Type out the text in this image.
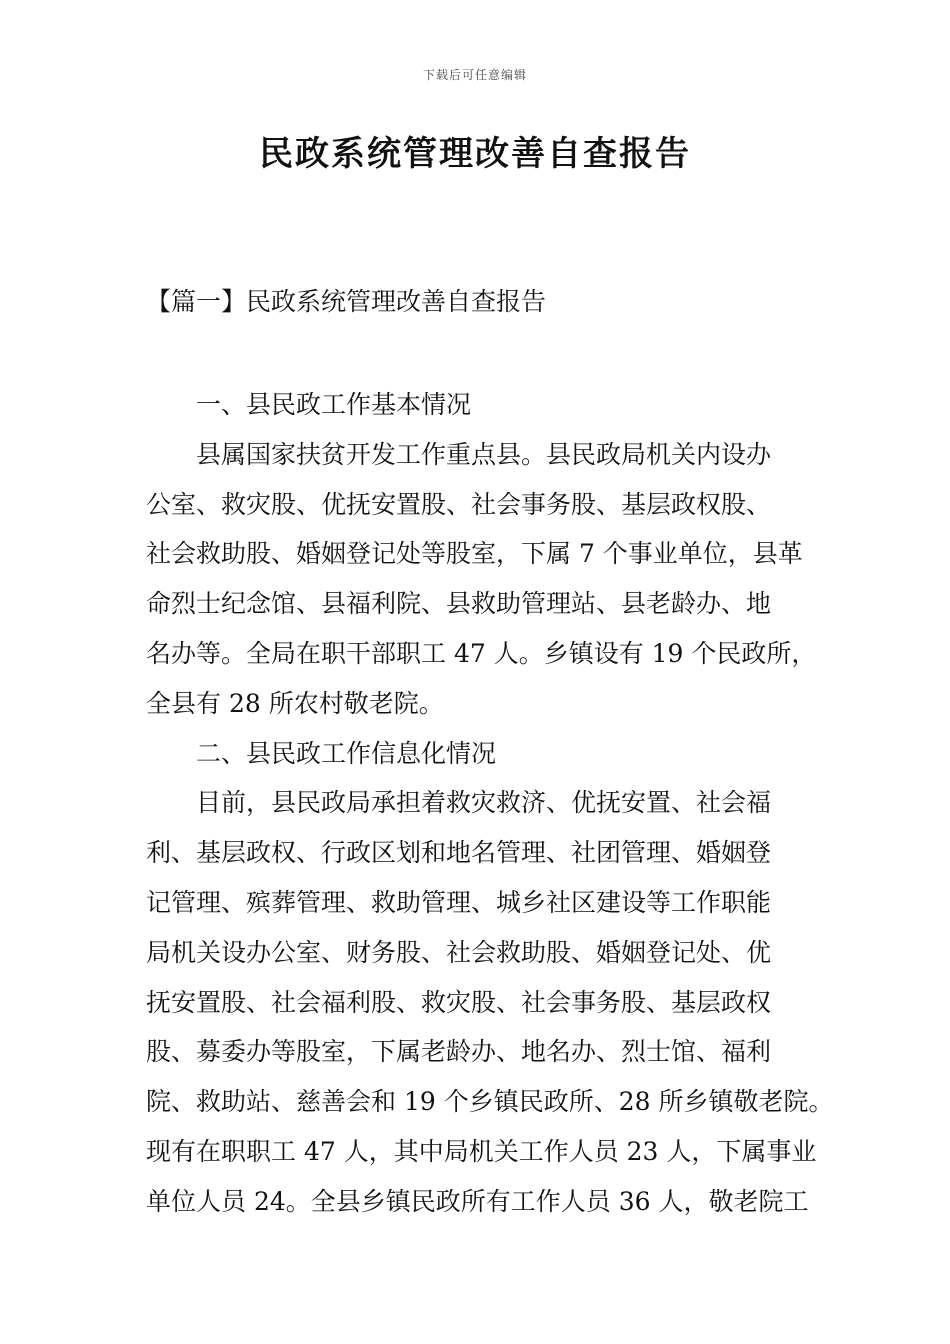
下载后可任意编辑
民政系统管理改善自查报告
【篇一】民政系统管理改善自查报告
一、县民政工作基本情况
县属国家扶贫开发工作重点县。县民政局机关内设办
公室、救灾股、优抚安置股、社会事务股、基层政权股、
社会救助股、婚姻登记处等股室，下属 7 个事业单位，县革
命烈士纪念馆、县福利院、县救助管理站、县老龄办、地
名办等。全局在职干部职工 47 人。乡镇设有 19 个民政所，
全县有 28 所农村敬老院。
二、县民政工作信息化情况
目前，县民政局承担着救灾救济、优抚安置、社会福
利、基层政权、行政区划和地名管理、社团管理、婚姻登
记管理、殡葬管理、救助管理、城乡社区建设等工作职能
局机关设办公室、财务股、社会救助股、婚姻登记处、优
抚安置股、社会福利股、救灾股、社会事务股、基层政权
股、募委办等股室，下属老龄办、地名办、烈士馆、福利
院、救助站、慈善会和 19 个乡镇民政所、28 所乡镇敬老院。
现有在职职工 47 人，其中局机关工作人员 23 人，下属事业
单位人员 24。全县乡镇民政所有工作人员 36 人，敬老院工
